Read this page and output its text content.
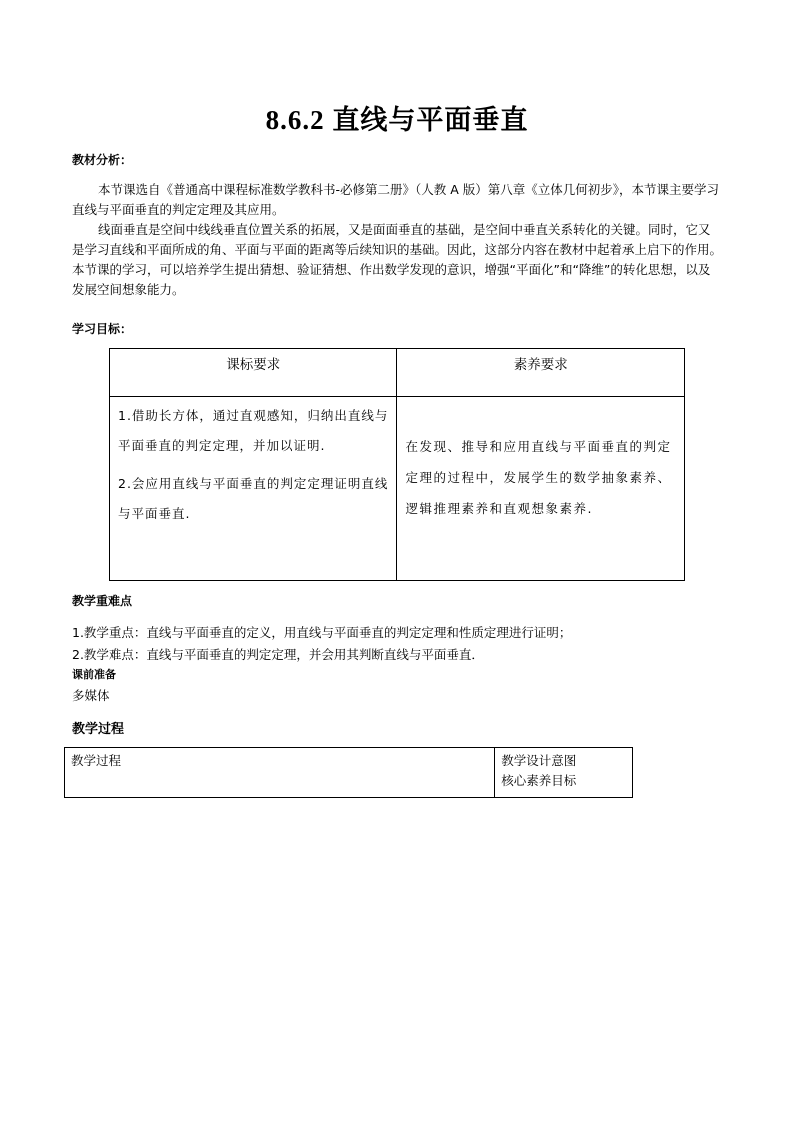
8.6.2 直线与平面垂直
教材分析：

本节课选自《普通高中课程标准数学教科书-必修第二册》（人教 A 版）第八章《立体几何初步》，本节课主要学习直线与平面垂直的判定定理及其应用。

线面垂直是空间中线线垂直位置关系的拓展，又是面面垂直的基础，是空间中垂直关系转化的关键。同时，它又是学习直线和平面所成的角、平面与平面的距离等后续知识的基础。因此，这部分内容在教材中起着承上启下的作用。本节课的学习，可以培养学生提出猜想、验证猜想、作出数学发现的意识，增强“平面化”和“降维”的转化思想，以及发展空间想象能力。

学习目标：
课标要求	素养要求

1.借助长方体，通过直观感知，归纳出直线与平面垂直的判定定理，并加以证明.

2.会应用直线与平面垂直的判定定理证明直线与平面垂直.	在发现、推导和应用直线与平面垂直的判定定理的过程中，发展学生的数学抽象素养、逻辑推理素养和直观想象素养.
教学重难点
1.教学重点：直线与平面垂直的定义，用直线与平面垂直的判定定理和性质定理进行证明；
2.教学难点：直线与平面垂直的判定定理，并会用其判断直线与平面垂直．
课前准备
多媒体
教学过程
教学过程	教学设计意图
核心素养目标
